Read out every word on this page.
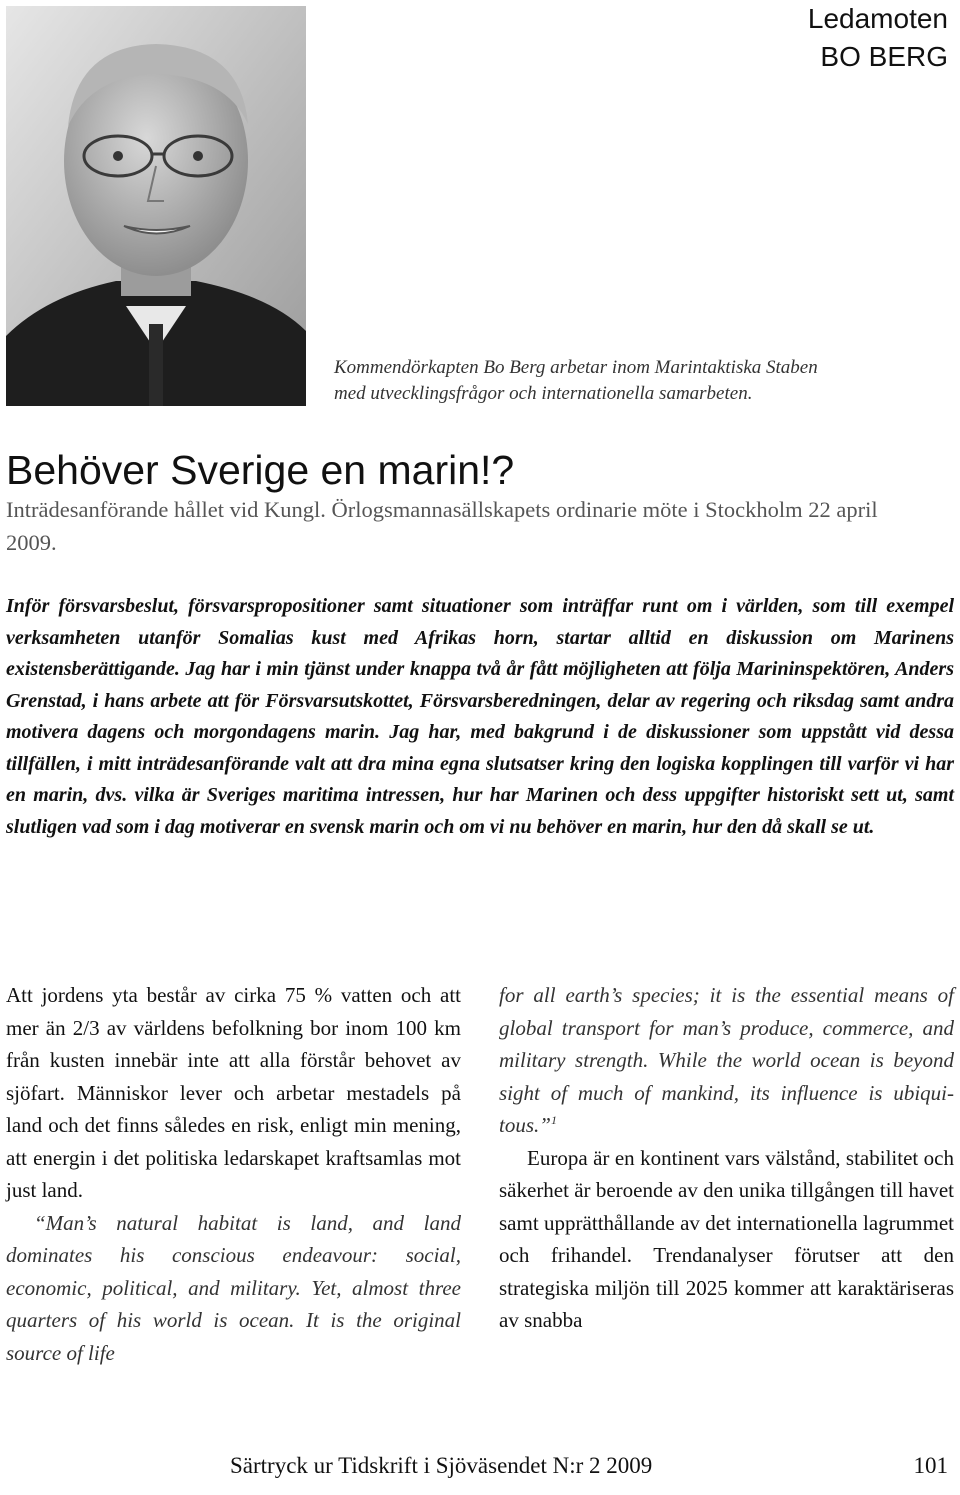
Ledamoten
BO BERG
Kommendörkapten Bo Berg arbetar inom Marintaktiska Staben
med utvecklingsfrågor och internationella samarbeten.
Behöver Sverige en marin!?
Inträdesanförande hållet vid Kungl. Örlogsmannasällskapets ordinarie möte i Stockholm 22 april 2009.
Inför försvarsbeslut, försvarspropositioner samt situationer som inträffar runt om i världen, som till exempel verksamheten utanför Somalias kust med Afrikas horn, startar alltid en diskussion om Marinens existensberättigande. Jag har i min tjänst under knappa två år fått möjligheten att följa Marininspektören, Anders Grenstad, i hans arbete att för Försvarsutskottet, Försvarsberedningen, delar av regering och riksdag samt andra motivera dagens och morgondagens marin. Jag har, med bakgrund i de diskussioner som uppstått vid dessa tillfällen, i mitt inträdesanförande valt att dra mina egna slutsatser kring den logiska kopplingen till varför vi har en marin, dvs. vilka är Sveriges maritima intressen, hur har Marinen och dess uppgifter historiskt sett ut, samt slutligen vad som i dag motiverar en svensk marin och om vi nu behöver en marin, hur den då skall se ut.

Att jordens yta består av cirka 75 % vatten och att mer än 2/3 av världens befolkning bor inom 100 km från kusten innebär inte att alla förstår behovet av sjöfart. Människor lever och arbetar mestadels på land och det finns således en risk, enligt min mening, att energin i det politiska ledarskapet kraftsamlas mot just land.

“Man’s natural habitat is land, and land dominates his conscious endeavour: social, economic, political, and military. Yet, almost three quarters of his world is ocean. It is the original source of life

for all earth’s species; it is the essential means of global transport for man’s produce, commerce, and military strength. While the world ocean is beyond sight of much of mankind, its influence is ubiquitous.”$^1$

Europa är en kontinent vars välstånd, stabilitet och säkerhet är beroende av den unika tillgången till havet samt upprätthållande av det internationella lagrummet och frihandel. Trendanalyser förutser att den strategiska miljön till 2025 kommer att karaktäriseras av snabba

Särtryck ur Tidskrift i Sjöväsendet N:r 2 2009	101
